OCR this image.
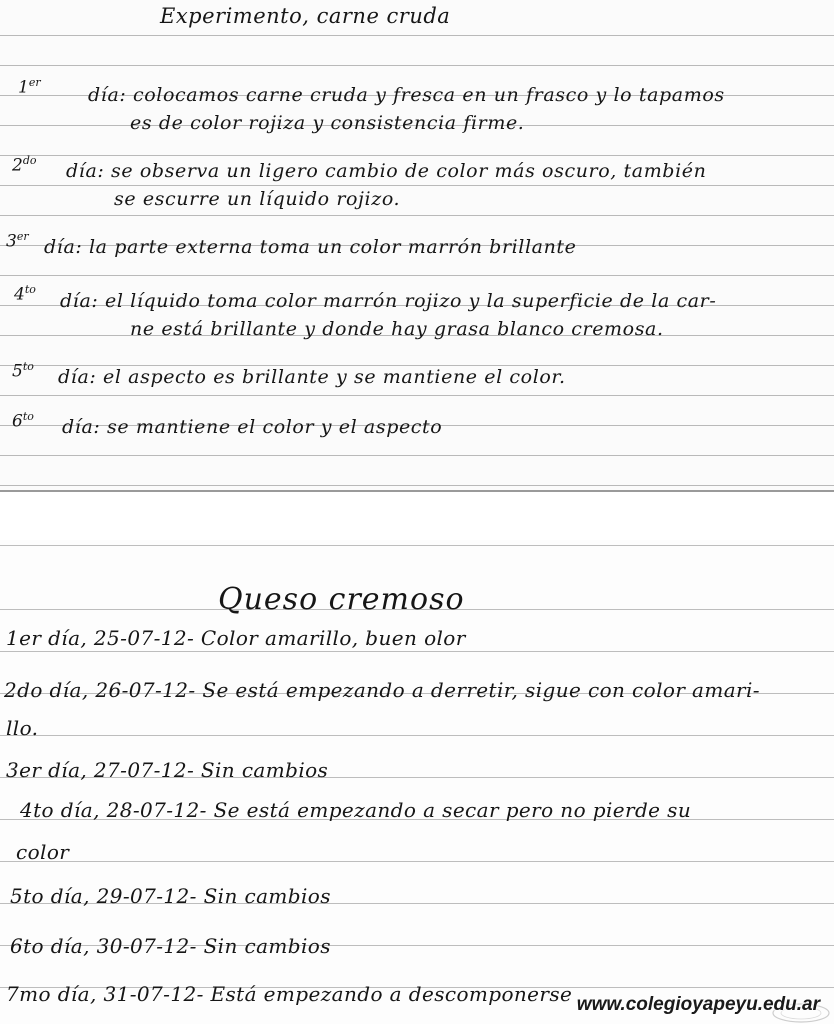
Experimento, carne cruda
1er
día: colocamos carne cruda y fresca en un frasco y lo tapamos
es de color rojiza y consistencia firme.
$2^{do}$ día: se observa un ligero cambio de color más oscuro, también
se escurre un líquido rojizo.
3er día: la parte externa toma un color marrón brillante
$4^{to}$
día: el líquido toma color marrón rojizo y la superficie de la car-
ne está brillante y donde hay grasa blanco cremosa.
$5^{to}$ día: el aspecto es brillante y se mantiene el color.
$6^{to}$ día: se mantiene el color y el aspecto
Queso cremoso
1er día, 25-07-12- Color amarillo, buen olor
2do día, 26-07-12- Se está empezando a derretir, sigue con color amari-
llo.
3er día, 27-07-12- Sin cambios
4to día, 28-07-12- Se está empezando a secar pero no pierde su
color
5to día, 29-07-12- Sin cambios
6to día, 30-07-12- Sin cambios
7mo día, 31-07-12- Está empezando a descomponerse www.colegioyapeyu.edu.ar
